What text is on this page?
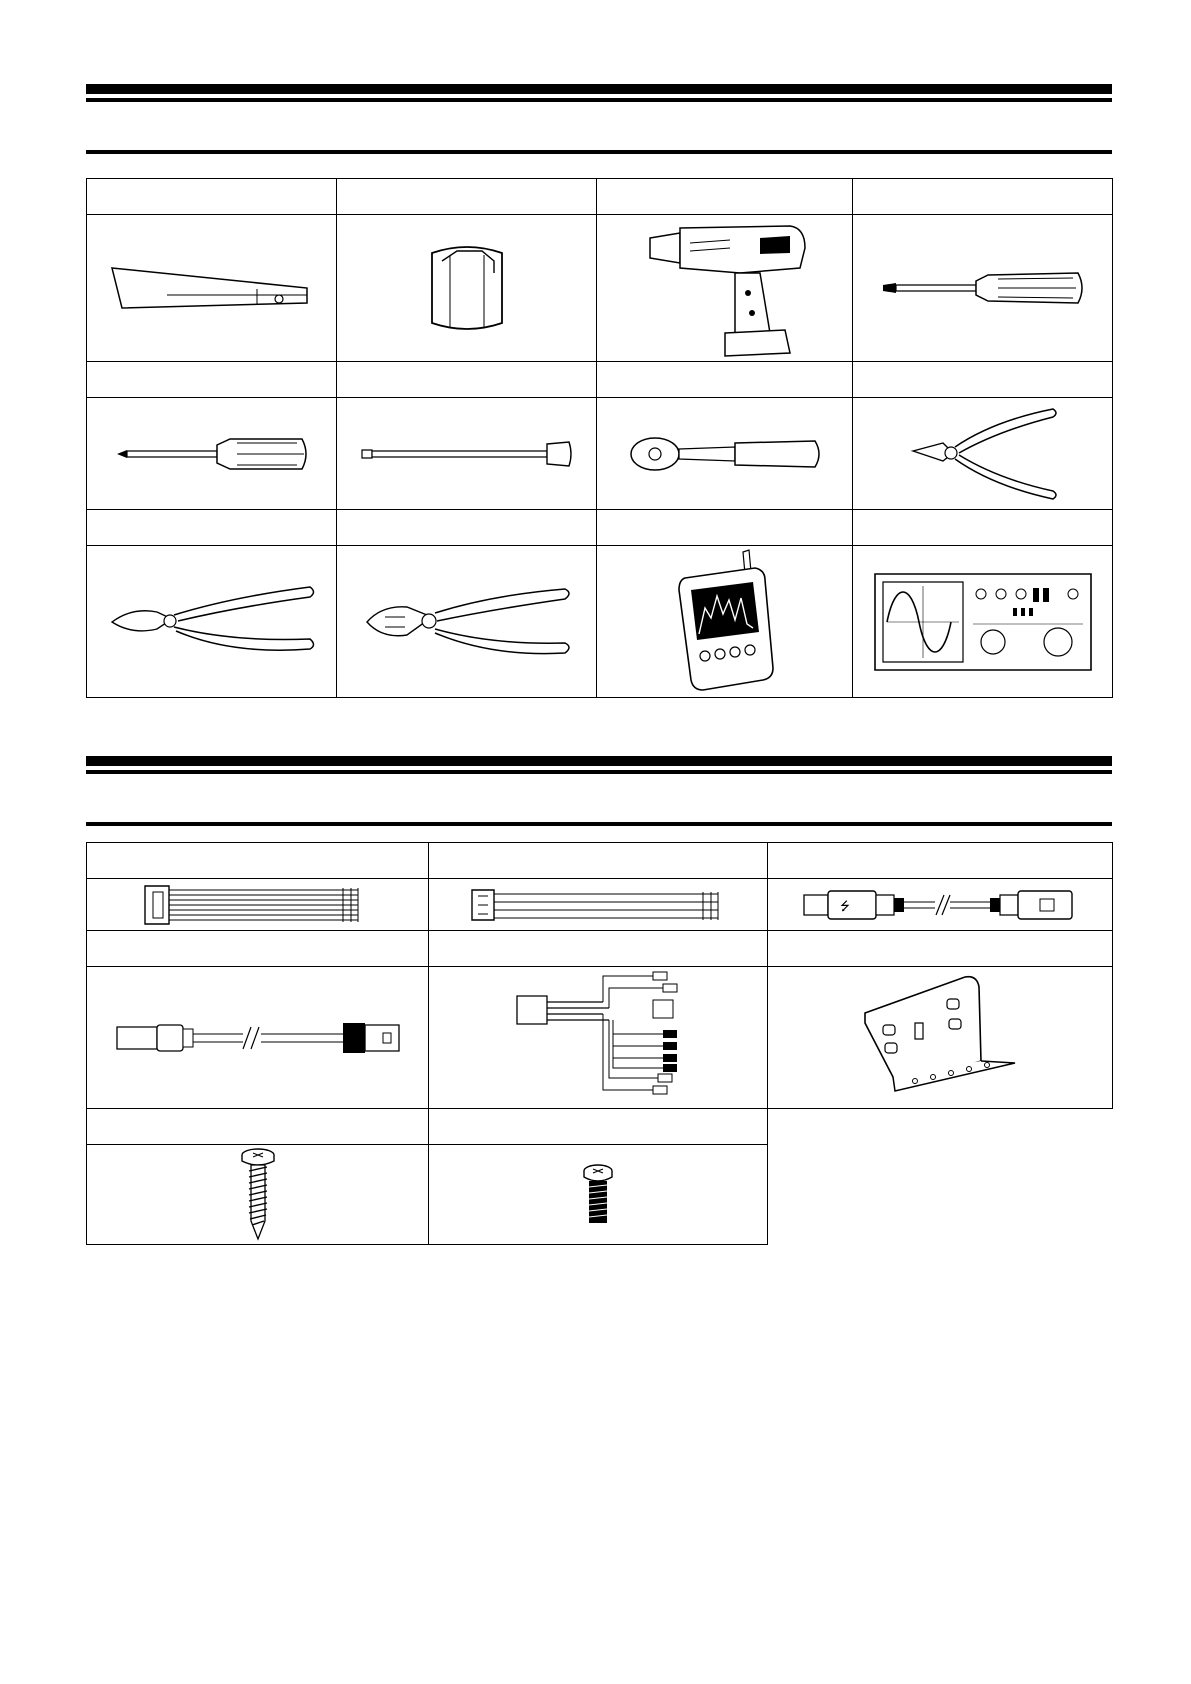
⭍
